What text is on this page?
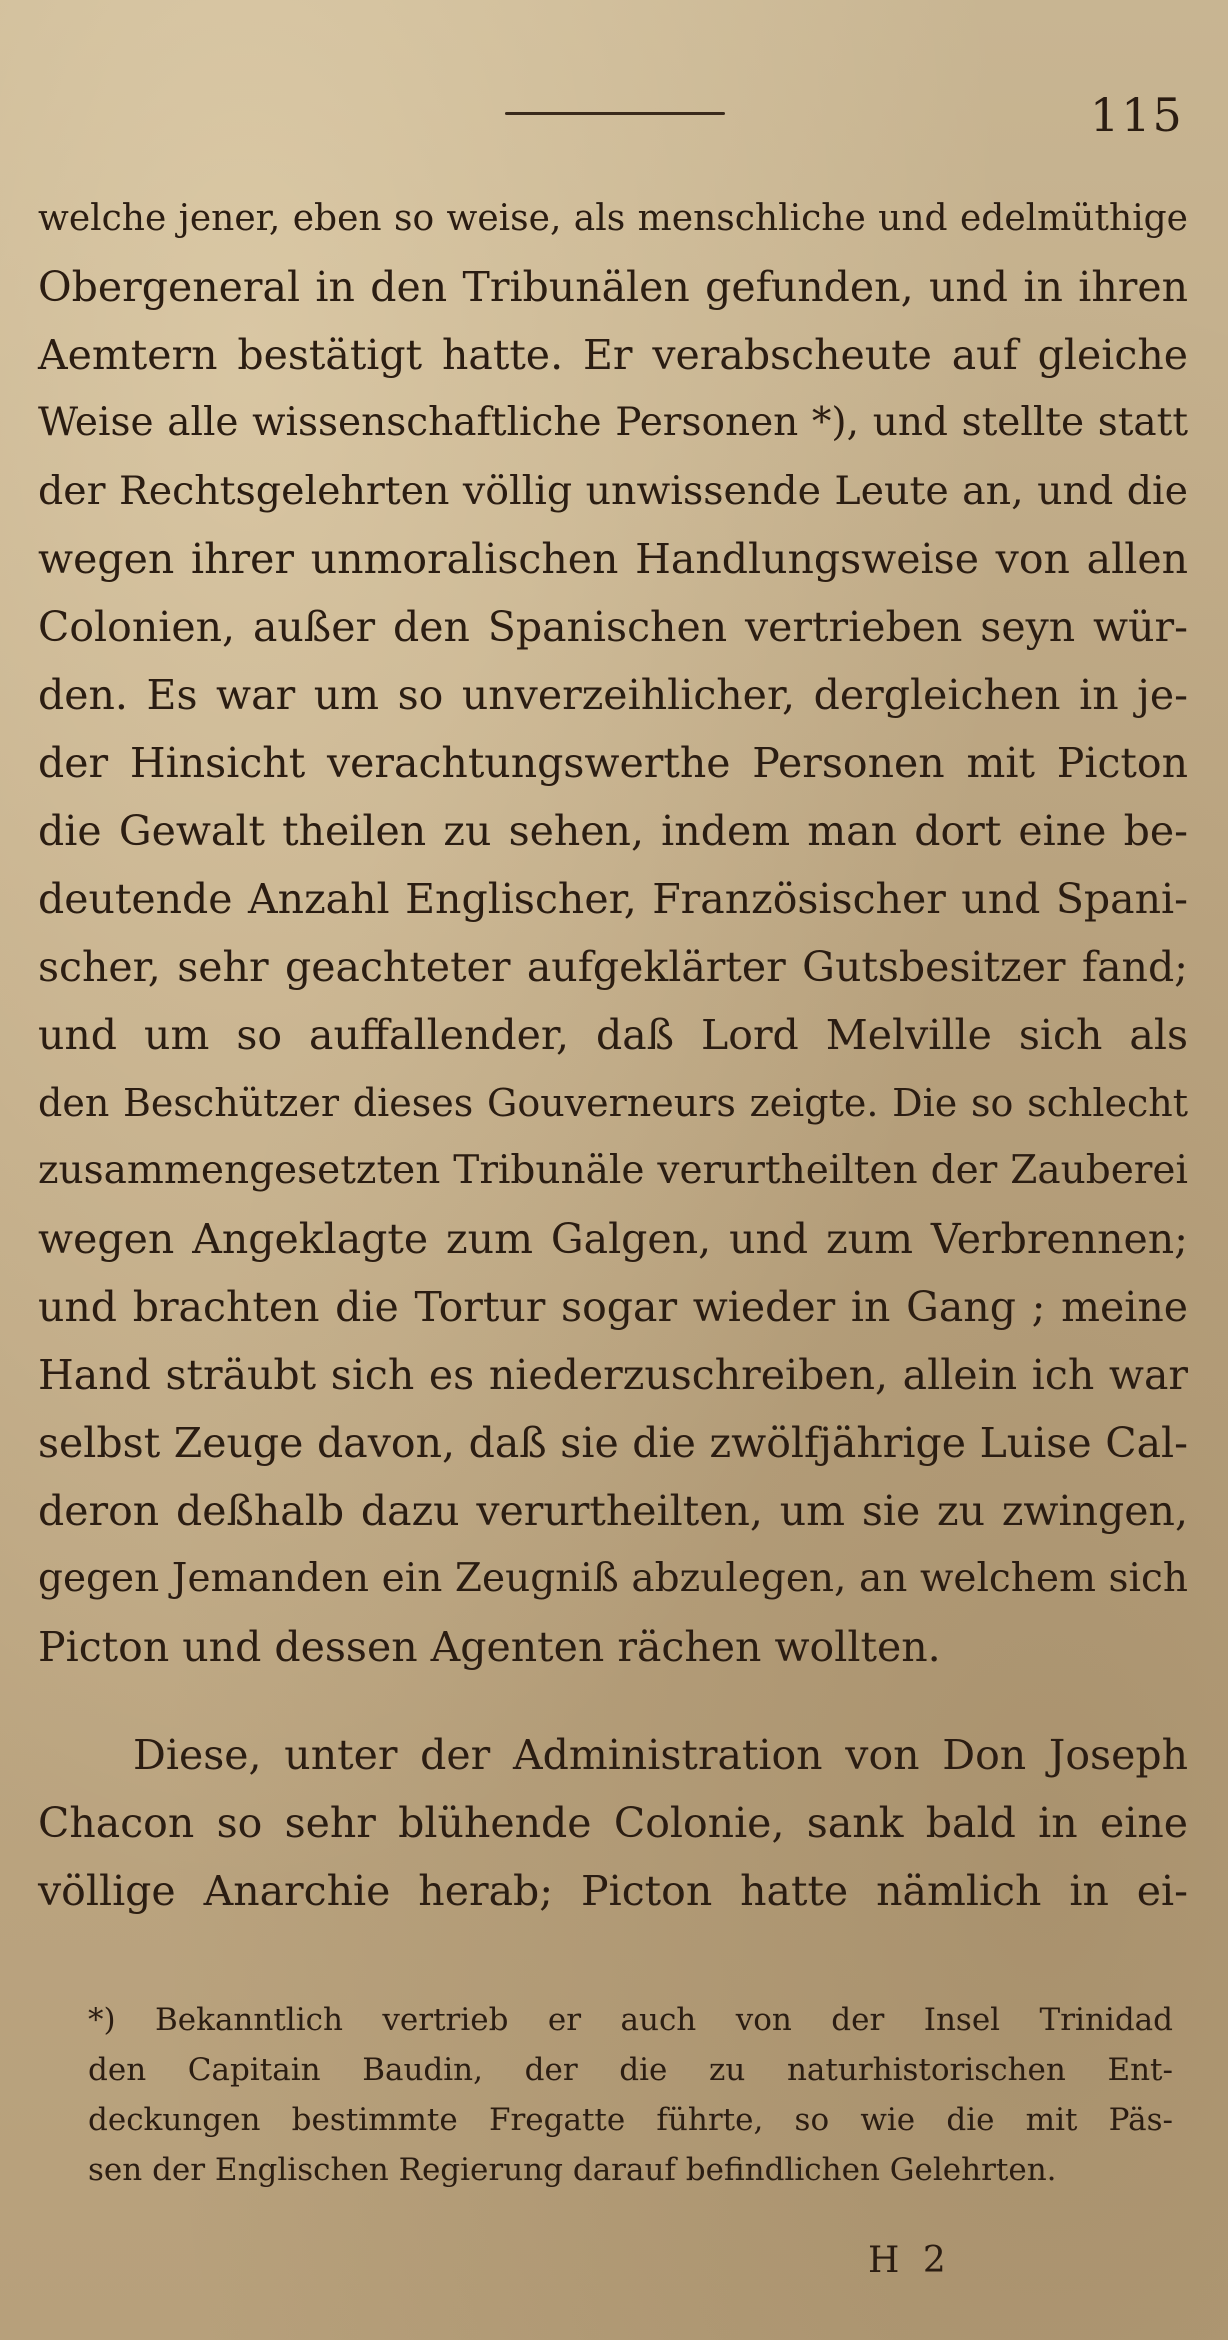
115
welche jener, eben so weise, als menschliche und edelmüthige
Obergeneral in den Tribunälen gefunden, und in ihren
Aemtern bestätigt hatte. Er verabscheute auf gleiche
Weise alle wissenschaftliche Personen *), und stellte statt
der Rechtsgelehrten völlig unwissende Leute an, und die
wegen ihrer unmoralischen Handlungsweise von allen
Colonien, außer den Spanischen vertrieben seyn wür-
den. Es war um so unverzeihlicher, dergleichen in je-
der Hinsicht verachtungswerthe Personen mit Picton
die Gewalt theilen zu sehen, indem man dort eine be-
deutende Anzahl Englischer, Französischer und Spani-
scher, sehr geachteter aufgeklärter Gutsbesitzer fand;
und um so auffallender, daß Lord Melville sich als
den Beschützer dieses Gouverneurs zeigte. Die so schlecht
zusammengesetzten Tribunäle verurtheilten der Zauberei
wegen Angeklagte zum Galgen, und zum Verbrennen;
und brachten die Tortur sogar wieder in Gang ; meine
Hand sträubt sich es niederzuschreiben, allein ich war
selbst Zeuge davon, daß sie die zwölfjährige Luise Cal-
deron deßhalb dazu verurtheilten, um sie zu zwingen,
gegen Jemanden ein Zeugniß abzulegen, an welchem sich
Picton und dessen Agenten rächen wollten.
Diese, unter der Administration von Don Joseph
Chacon so sehr blühende Colonie, sank bald in eine
völlige Anarchie herab; Picton hatte nämlich in ei-
*) Bekanntlich vertrieb er auch von der Insel Trinidad
den Capitain Baudin, der die zu naturhistorischen Ent-
deckungen bestimmte Fregatte führte, so wie die mit Päs-
sen der Englischen Regierung darauf befindlichen Gelehrten.
H 2
